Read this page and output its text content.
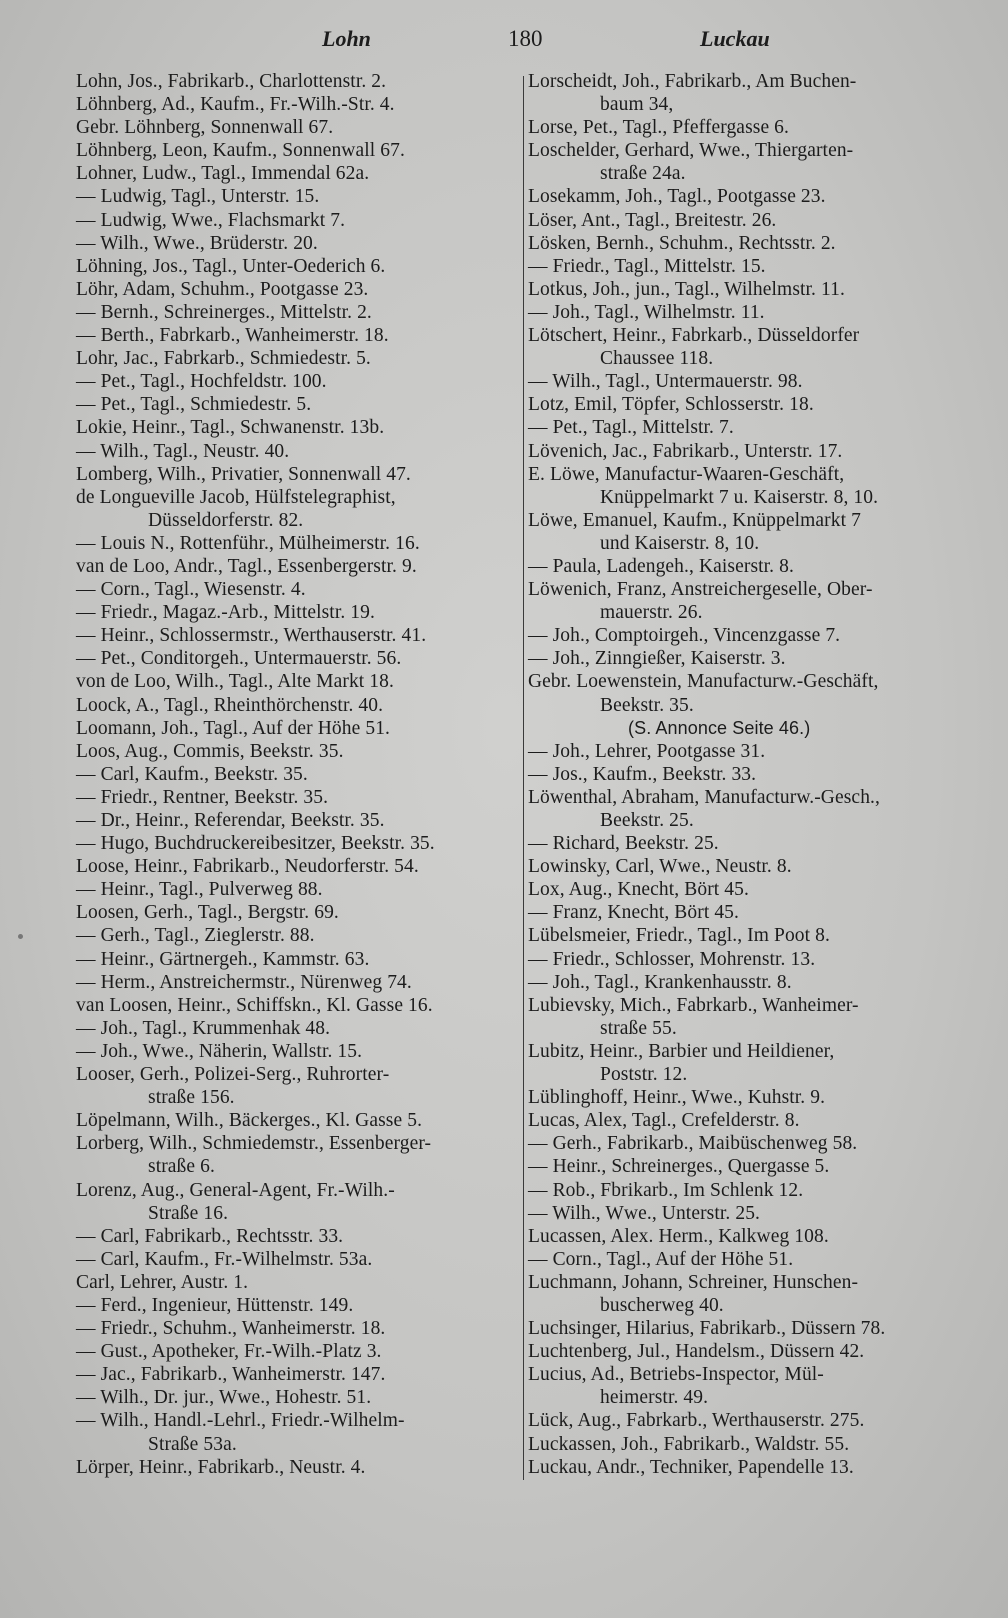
Lohn	180	Luckau
Lohn, Jos., Fabrikarb., Charlottenstr. 2.
Löhnberg, Ad., Kaufm., Fr.-Wilh.-Str. 4.
Gebr. Löhnberg, Sonnenwall 67.
Löhnberg, Leon, Kaufm., Sonnenwall 67.
Lohner, Ludw., Tagl., Immendal 62a.
— Ludwig, Tagl., Unterstr. 15.
— Ludwig, Wwe., Flachsmarkt 7.
— Wilh., Wwe., Brüderstr. 20.
Löhning, Jos., Tagl., Unter-Oederich 6.
Löhr, Adam, Schuhm., Pootgasse 23.
— Bernh., Schreinerges., Mittelstr. 2.
— Berth., Fabrkarb., Wanheimerstr. 18.
Lohr, Jac., Fabrkarb., Schmiedestr. 5.
— Pet., Tagl., Hochfeldstr. 100.
— Pet., Tagl., Schmiedestr. 5.
Lokie, Heinr., Tagl., Schwanenstr. 13b.
— Wilh., Tagl., Neustr. 40.
Lomberg, Wilh., Privatier, Sonnenwall 47.
de Longueville Jacob, Hülfstelegraphist,
Düsseldorferstr. 82.
— Louis N., Rottenführ., Mülheimerstr. 16.
van de Loo, Andr., Tagl., Essenbergerstr. 9.
— Corn., Tagl., Wiesenstr. 4.
— Friedr., Magaz.-Arb., Mittelstr. 19.
— Heinr., Schlossermstr., Werthauserstr. 41.
— Pet., Conditorgeh., Untermauerstr. 56.
von de Loo, Wilh., Tagl., Alte Markt 18.
Loock, A., Tagl., Rheinthörchenstr. 40.
Loomann, Joh., Tagl., Auf der Höhe 51.
Loos, Aug., Commis, Beekstr. 35.
— Carl, Kaufm., Beekstr. 35.
— Friedr., Rentner, Beekstr. 35.
— Dr., Heinr., Referendar, Beekstr. 35.
— Hugo, Buchdruckereibesitzer, Beekstr. 35.
Loose, Heinr., Fabrikarb., Neudorferstr. 54.
— Heinr., Tagl., Pulverweg 88.
Loosen, Gerh., Tagl., Bergstr. 69.
— Gerh., Tagl., Zieglerstr. 88.
— Heinr., Gärtnergeh., Kammstr. 63.
— Herm., Anstreichermstr., Nürenweg 74.
van Loosen, Heinr., Schiffskn., Kl. Gasse 16.
— Joh., Tagl., Krummenhak 48.
— Joh., Wwe., Näherin, Wallstr. 15.
Looser, Gerh., Polizei-Serg., Ruhrorter-
straße 156.
Löpelmann, Wilh., Bäckerges., Kl. Gasse 5.
Lorberg, Wilh., Schmiedemstr., Essenberger-
straße 6.
Lorenz, Aug., General-Agent, Fr.-Wilh.-
Straße 16.
— Carl, Fabrikarb., Rechtsstr. 33.
— Carl, Kaufm., Fr.-Wilhelmstr. 53a.
Carl, Lehrer, Austr. 1.
— Ferd., Ingenieur, Hüttenstr. 149.
— Friedr., Schuhm., Wanheimerstr. 18.
— Gust., Apotheker, Fr.-Wilh.-Platz 3.
— Jac., Fabrikarb., Wanheimerstr. 147.
— Wilh., Dr. jur., Wwe., Hohestr. 51.
— Wilh., Handl.-Lehrl., Friedr.-Wilhelm-
Straße 53a.
Lörper, Heinr., Fabrikarb., Neustr. 4.
Lorscheidt, Joh., Fabrikarb., Am Buchen-
baum 34,
Lorse, Pet., Tagl., Pfeffergasse 6.
Loschelder, Gerhard, Wwe., Thiergarten-
straße 24a.
Losekamm, Joh., Tagl., Pootgasse 23.
Löser, Ant., Tagl., Breitestr. 26.
Lösken, Bernh., Schuhm., Rechtsstr. 2.
— Friedr., Tagl., Mittelstr. 15.
Lotkus, Joh., jun., Tagl., Wilhelmstr. 11.
— Joh., Tagl., Wilhelmstr. 11.
Lötschert, Heinr., Fabrkarb., Düsseldorfer
Chaussee 118.
— Wilh., Tagl., Untermauerstr. 98.
Lotz, Emil, Töpfer, Schlosserstr. 18.
— Pet., Tagl., Mittelstr. 7.
Lövenich, Jac., Fabrikarb., Unterstr. 17.
E. Löwe, Manufactur-Waaren-Geschäft,
Knüppelmarkt 7 u. Kaiserstr. 8, 10.
Löwe, Emanuel, Kaufm., Knüppelmarkt 7
und Kaiserstr. 8, 10.
— Paula, Ladengeh., Kaiserstr. 8.
Löwenich, Franz, Anstreichergeselle, Ober-
mauerstr. 26.
— Joh., Comptoirgeh., Vincenzgasse 7.
— Joh., Zinngießer, Kaiserstr. 3.
Gebr. Loewenstein, Manufacturw.-Geschäft,
Beekstr. 35.
(S. Annonce Seite 46.)
— Joh., Lehrer, Pootgasse 31.
— Jos., Kaufm., Beekstr. 33.
Löwenthal, Abraham, Manufacturw.-Gesch.,
Beekstr. 25.
— Richard, Beekstr. 25.
Lowinsky, Carl, Wwe., Neustr. 8.
Lox, Aug., Knecht, Bört 45.
— Franz, Knecht, Bört 45.
Lübelsmeier, Friedr., Tagl., Im Poot 8.
— Friedr., Schlosser, Mohrenstr. 13.
— Joh., Tagl., Krankenhausstr. 8.
Lubievsky, Mich., Fabrkarb., Wanheimer-
straße 55.
Lubitz, Heinr., Barbier und Heildiener,
Poststr. 12.
Lüblinghoff, Heinr., Wwe., Kuhstr. 9.
Lucas, Alex, Tagl., Crefelderstr. 8.
— Gerh., Fabrikarb., Maibüschenweg 58.
— Heinr., Schreinerges., Quergasse 5.
— Rob., Fbrikarb., Im Schlenk 12.
— Wilh., Wwe., Unterstr. 25.
Lucassen, Alex. Herm., Kalkweg 108.
— Corn., Tagl., Auf der Höhe 51.
Luchmann, Johann, Schreiner, Hunschen-
buscherweg 40.
Luchsinger, Hilarius, Fabrikarb., Düssern 78.
Luchtenberg, Jul., Handelsm., Düssern 42.
Lucius, Ad., Betriebs-Inspector, Mül-
heimerstr. 49.
Lück, Aug., Fabrkarb., Werthauserstr. 275.
Luckassen, Joh., Fabrikarb., Waldstr. 55.
Luckau, Andr., Techniker, Papendelle 13.
